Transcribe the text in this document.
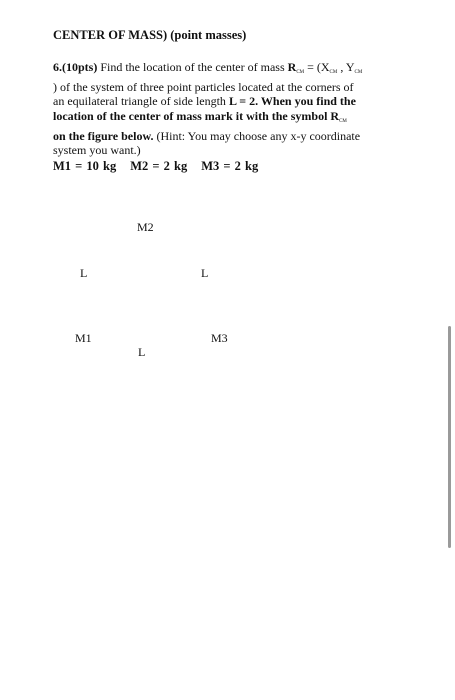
CENTER OF MASS) (point masses)
6.(10pts) Find the location of the center of mass $R_{CM} = (X_{CM}$ , $Y_{CM}$
) of the system of three point particles located at the corners of
an equilateral triangle of side length L = 2. When you find the
location of the center of mass mark it with the symbol $R_{CM}$
on the figure below. (Hint: You may choose any x-y coordinate
system you want.)
M1 = 10 kg M2 = 2 kg M3 = 2 kg
M2
L	L
M1	M3
L
